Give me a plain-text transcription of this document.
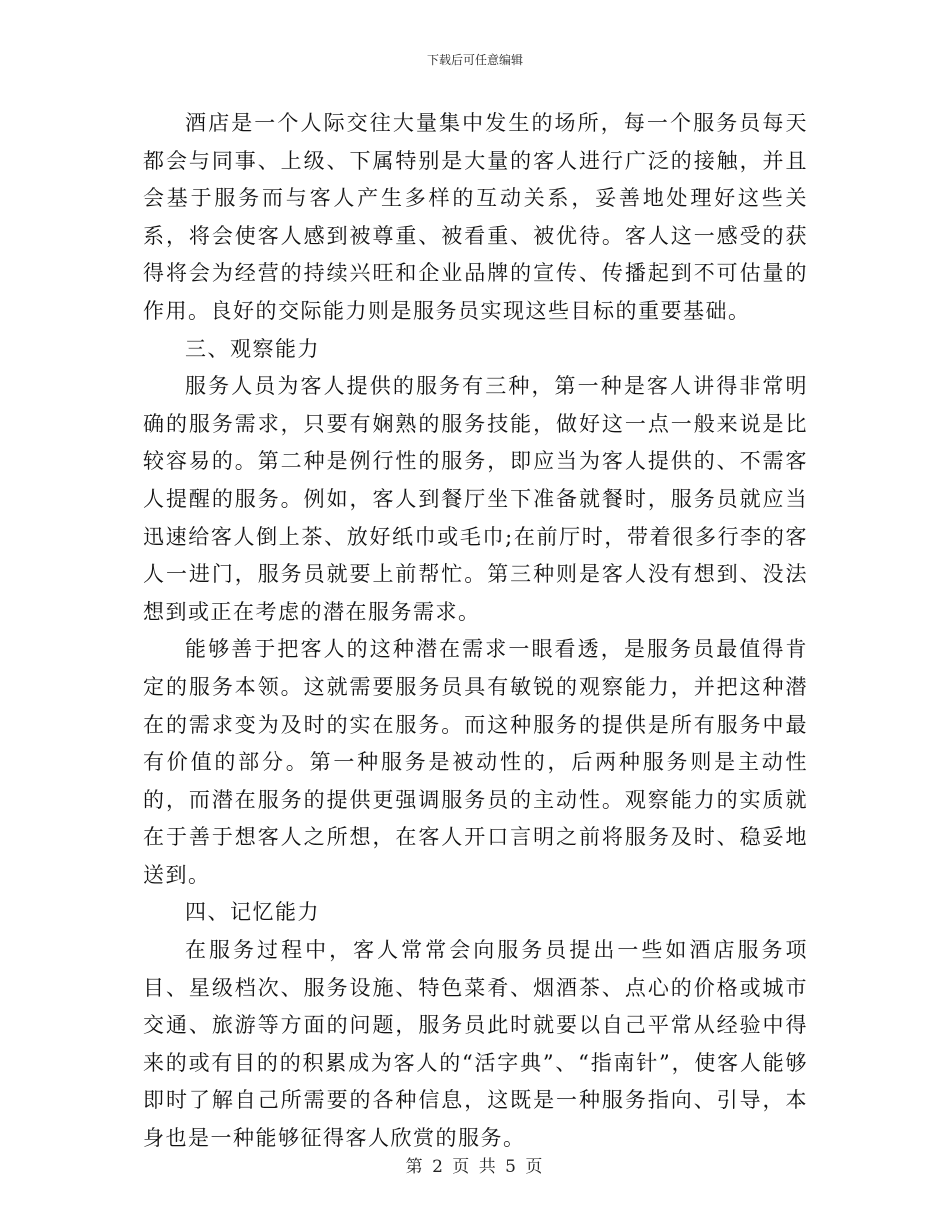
下载后可任意编辑

酒店是一个人际交往大量集中发生的场所，每一个服务员每天都会与同事、上级、下属特别是大量的客人进行广泛的接触，并且会基于服务而与客人产生多样的互动关系，妥善地处理好这些关系，将会使客人感到被尊重、被看重、被优待。客人这一感受的获得将会为经营的持续兴旺和企业品牌的宣传、传播起到不可估量的作用。良好的交际能力则是服务员实现这些目标的重要基础。

三、观察能力

服务人员为客人提供的服务有三种，第一种是客人讲得非常明确的服务需求，只要有娴熟的服务技能，做好这一点一般来说是比较容易的。第二种是例行性的服务，即应当为客人提供的、不需客人提醒的服务。例如，客人到餐厅坐下准备就餐时，服务员就应当迅速给客人倒上茶、放好纸巾或毛巾;在前厅时，带着很多行李的客人一进门，服务员就要上前帮忙。第三种则是客人没有想到、没法想到或正在考虑的潜在服务需求。

能够善于把客人的这种潜在需求一眼看透，是服务员最值得肯定的服务本领。这就需要服务员具有敏锐的观察能力，并把这种潜在的需求变为及时的实在服务。而这种服务的提供是所有服务中最有价值的部分。第一种服务是被动性的，后两种服务则是主动性的，而潜在服务的提供更强调服务员的主动性。观察能力的实质就在于善于想客人之所想，在客人开口言明之前将服务及时、稳妥地送到。

四、记忆能力

在服务过程中，客人常常会向服务员提出一些如酒店服务项目、星级档次、服务设施、特色菜肴、烟酒茶、点心的价格或城市交通、旅游等方面的问题，服务员此时就要以自己平常从经验中得来的或有目的的积累成为客人的“活字典”、“指南针”，使客人能够即时了解自己所需要的各种信息，这既是一种服务指向、引导，本身也是一种能够征得客人欣赏的服务。

第 2 页 共 5 页
